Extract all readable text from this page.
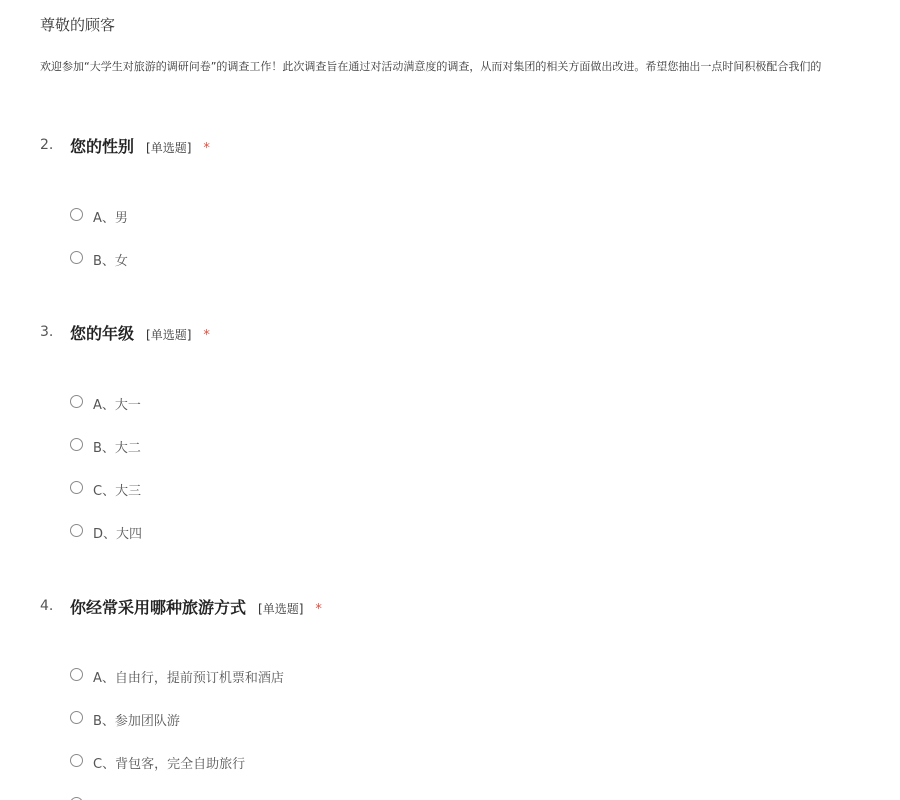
尊敬的顾客
欢迎参加“大学生对旅游的调研问卷”的调查工作！此次调查旨在通过对活动满意度的调查，从而对集团的相关方面做出改进。希望您抽出一点时间积极配合我们的
2. 您的性别 [单选题] *
A、男
B、女
3. 您的年级 [单选题] *
A、大一
B、大二
C、大三
D、大四
4. 你经常采用哪种旅游方式 [单选题] *
A、自由行，提前预订机票和酒店
B、参加团队游
C、背包客，完全自助旅行
